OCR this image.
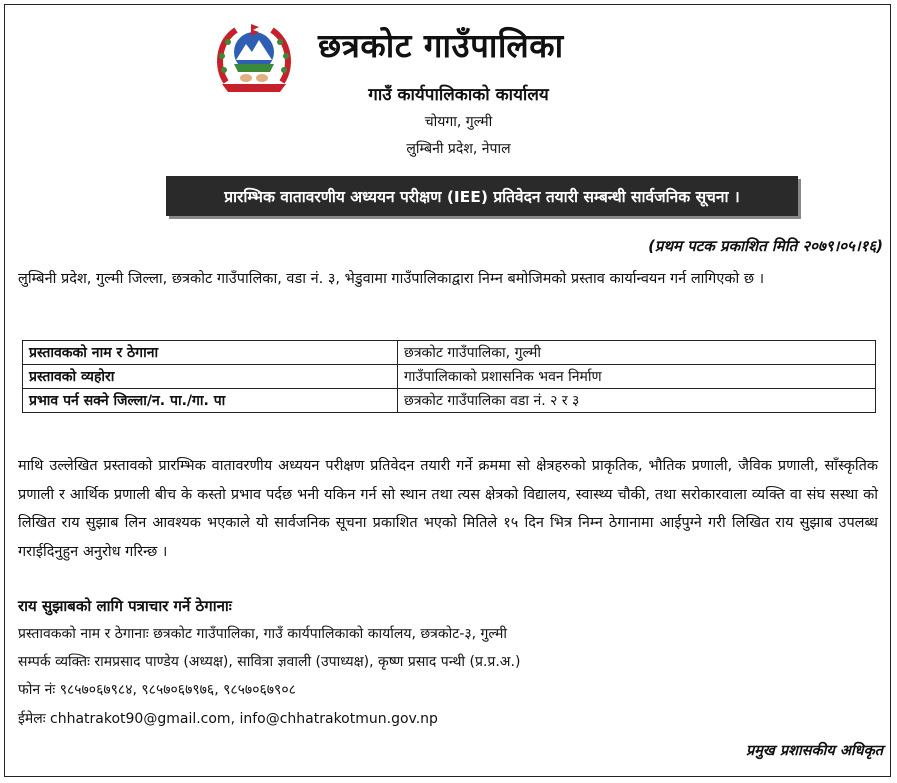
छत्रकोट गाउँपालिका
गाउँ कार्यपालिकाको कार्यालय
चोयगा, गुल्मी
लुम्बिनी प्रदेश, नेपाल
प्रारम्भिक वातावरणीय अध्ययन परीक्षण (IEE) प्रतिवेदन तयारी सम्बन्धी सार्वजनिक सूचना ।
(प्रथम पटक प्रकाशित मिति २०७९।०५।१६)
लुम्बिनी प्रदेश, गुल्मी जिल्ला, छत्रकोट गाउँपालिका, वडा नं. ३, भेडुवामा गाउँपालिकाद्वारा निम्न बमोजिमको प्रस्ताव कार्यान्वयन गर्न लागिएको छ ।
प्रस्तावकको नाम र ठेगाना	छत्रकोट गाउँपालिका, गुल्मी
प्रस्तावको व्यहोरा	गाउँपालिकाको प्रशासनिक भवन निर्माण
प्रभाव पर्न सक्ने जिल्ला/न. पा./गा. पा	छत्रकोट गाउँपालिका वडा नं. २ र ३
माथि उल्लेखित प्रस्तावको प्रारम्भिक वातावरणीय अध्ययन परीक्षण प्रतिवेदन तयारी गर्ने क्रममा सो क्षेत्रहरुको प्राकृतिक, भौतिक प्रणाली, जैविक प्रणाली, साँस्कृतिक प्रणाली र आर्थिक प्रणाली बीच के कस्तो प्रभाव पर्दछ भनी यकिन गर्न सो स्थान तथा त्यस क्षेत्रको विद्यालय, स्वास्थ्य चौकी, तथा सरोकारवाला व्यक्ति वा संघ सस्था को लिखित राय सुझाब लिन आवश्यक भएकाले यो सार्वजनिक सूचना प्रकाशित भएको मितिले १५ दिन भित्र निम्न ठेगानामा आईपुग्ने गरी लिखित राय सुझाब उपलब्ध गराईदिनुहुन अनुरोध गरिन्छ ।
राय सुझाबको लागि पत्राचार गर्ने ठेगानाः
प्रस्तावकको नाम र ठेगानाः छत्रकोट गाउँपालिका, गाउँ कार्यपालिकाको कार्यालय, छत्रकोट-३, गुल्मी
सम्पर्क व्यक्तिः रामप्रसाद पाण्डेय (अध्यक्ष), सावित्रा ज्ञवाली (उपाध्यक्ष), कृष्ण प्रसाद पन्थी (प्र.प्र.अ.)
फोन नंः ९८५७०६७९८४, ९८५७०६७९७६, ९८५७०६७९०८
ईमेलः chhatrakot90@gmail.com, info@chhatrakotmun.gov.np
प्रमुख प्रशासकीय अधिकृत
